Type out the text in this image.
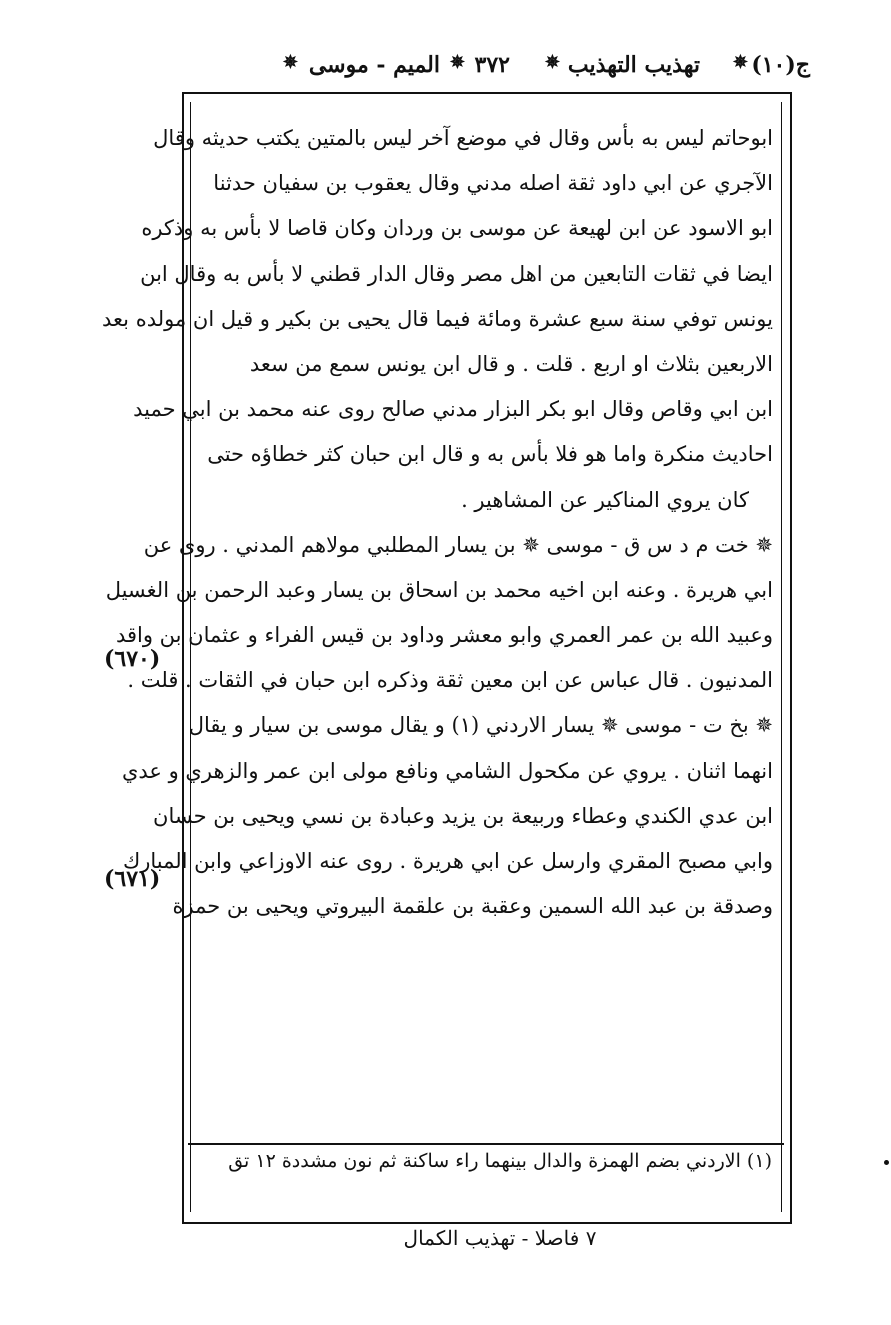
ج(١٠)
✵
تهذيب التهذيب
✵
٣٧٢
✵
الميم - موسى
✵
ابوحاتم ليس به بأس وقال في موضع آخر ليس بالمتين يكتب حديثه وقال
الآجري عن ابي داود ثقة اصله مدني وقال يعقوب بن سفيان حدثنا
ابو الاسود عن ابن لهيعة عن موسى بن وردان وكان قاصا لا بأس به وذكره
ايضا في ثقات التابعين من اهل مصر وقال الدار قطني لا بأس به وقال ابن
يونس توفي سنة سبع عشرة ومائة فيما قال يحيى بن بكير و قيل ان مولده بعد
الاربعين بثلاث او اربع . قلت . و قال ابن يونس سمع من سعد
ابن ابي وقاص وقال ابو بكر البزار مدني صالح روى عنه محمد بن ابي حميد
احاديث منكرة واما هو فلا بأس به و قال ابن حبان كثر خطاؤه حتى
كان يروي المناكير عن المشاهير .
✵ خت م د س ق - موسى ✵ بن يسار المطلبي مولاهم المدني . روى عن
ابي هريرة . وعنه ابن اخيه محمد بن اسحاق بن يسار وعبد الرحمن بن الغسيل
وعبيد الله بن عمر العمري وابو معشر وداود بن قيس الفراء و عثمان بن واقد
المدنيون . قال عباس عن ابن معين ثقة وذكره ابن حبان في الثقات . قلت .
✵ بخ ت - موسى ✵ يسار الاردني (١) و يقال موسى بن سيار و يقال
انهما اثنان . يروي عن مكحول الشامي ونافع مولى ابن عمر والزهري و عدي
ابن عدي الكندي وعطاء وربيعة بن يزيد وعبادة بن نسي ويحيى بن حسان
وابي مصبح المقري وارسل عن ابي هريرة . روى عنه الاوزاعي وابن المبارك
وصدقة بن عبد الله السمين وعقبة بن علقمة البيروتي ويحيى بن حمزة
(٦٧٠)
(٦٧١)
(١) الاردني بضم الهمزة والدال بينهما راء ساكنة ثم نون مشددة ١٢ تق
٧ فاصلا - تهذيب الكمال
